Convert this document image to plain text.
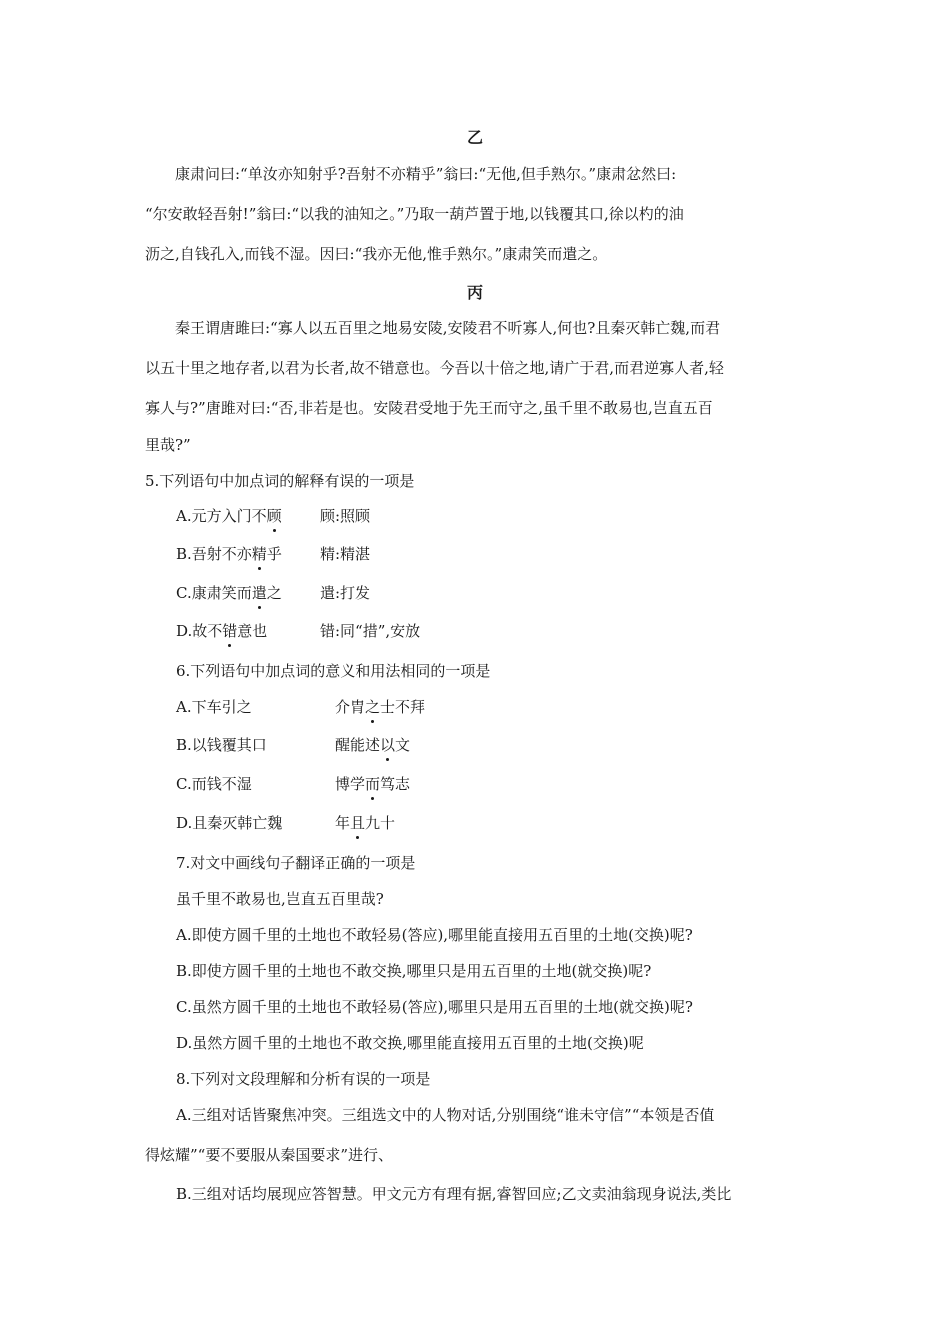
乙
康肃问曰:“单汝亦知射乎?吾射不亦精乎”翁曰:“无他,但手熟尔。”康肃忿然曰:
“尔安敢轻吾射!”翁曰:“以我的油知之。”乃取一葫芦置于地,以钱覆其口,徐以杓的油
沥之,自钱孔入,而钱不湿。因曰:“我亦无他,惟手熟尔。”康肃笑而遣之。
丙
秦王谓唐雎曰:“寡人以五百里之地易安陵,安陵君不听寡人,何也?且秦灭韩亡魏,而君
以五十里之地存者,以君为长者,故不错意也。今吾以十倍之地,请广于君,而君逆寡人者,轻
寡人与?”唐雎对曰:“否,非若是也。安陵君受地于先王而守之,虽千里不敢易也,岂直五百
里哉?”
5.下列语句中加点词的解释有误的一项是
A.元方入门不顾	顾:照顾
B.吾射不亦精乎	精:精湛
C.康肃笑而遣之	遣:打发
D.故不错意也	错:同“措”,安放
6.下列语句中加点词的意义和用法相同的一项是
A.下车引之	介胄之士不拜
B.以钱覆其口	醒能述以文
C.而钱不湿	博学而笃志
D.且秦灭韩亡魏	年且九十
7.对文中画线句子翻译正确的一项是
虽千里不敢易也,岂直五百里哉?
A.即使方圆千里的土地也不敢轻易(答应),哪里能直接用五百里的土地(交换)呢?
B.即使方圆千里的土地也不敢交换,哪里只是用五百里的土地(就交换)呢?
C.虽然方圆千里的土地也不敢轻易(答应),哪里只是用五百里的土地(就交换)呢?
D.虽然方圆千里的土地也不敢交换,哪里能直接用五百里的土地(交换)呢
8.下列对文段理解和分析有误的一项是
A.三组对话皆聚焦冲突。三组选文中的人物对话,分别围绕“谁未守信”“本领是否值
得炫耀”“要不要服从秦国要求”进行、
B.三组对话均展现应答智慧。甲文元方有理有据,睿智回应;乙文卖油翁现身说法,类比
